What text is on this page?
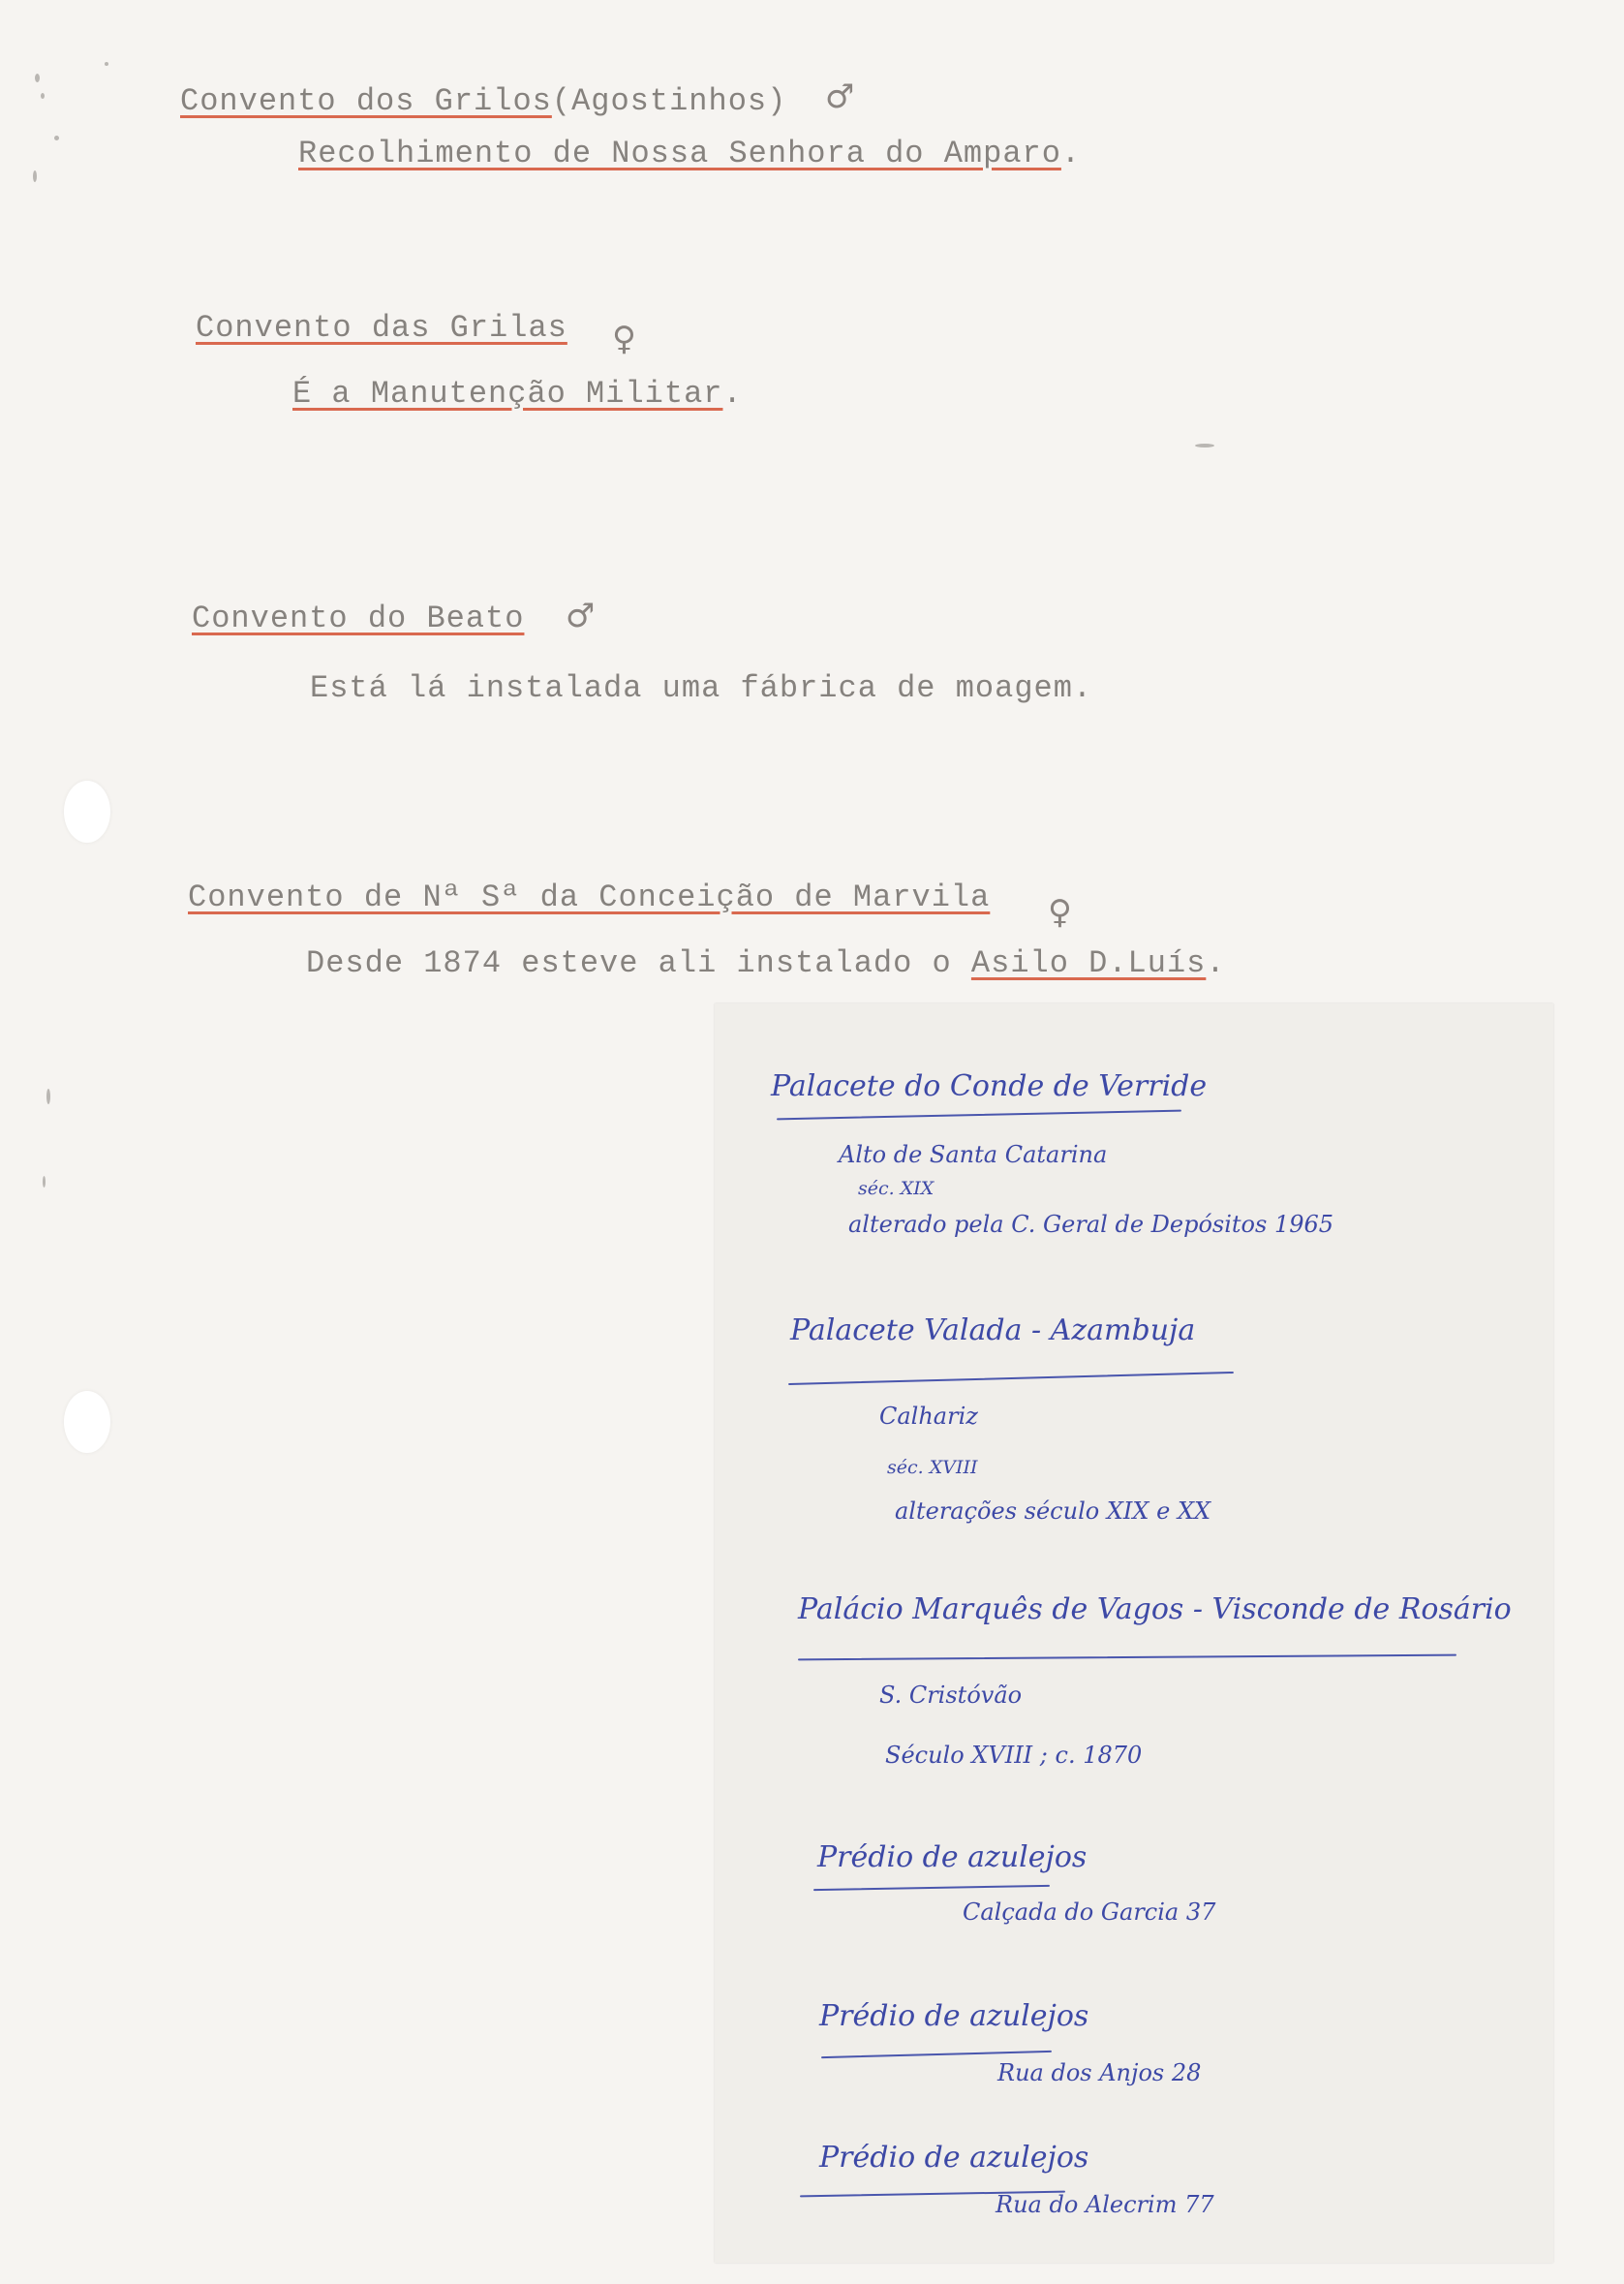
Convento dos Grilos(Agostinhos) ♂
Recolhimento de Nossa Senhora do Amparo.
Convento das Grilas ♀
É a Manutenção Militar.
Convento do Beato ♂
Está lá instalada uma fábrica de moagem.
Convento de Nª Sª da Conceição de Marvila ♀
Desde 1874 esteve ali instalado o Asilo D.Luís.
Palacete do Conde de Verride
Alto de Santa Catarina
séc. XIX
alterado pela C. Geral de Depósitos 1965
Palacete Valada - Azambuja
Calhariz
séc. XVIII
alterações século XIX e XX
Palácio Marquês de Vagos - Visconde de Rosário
S. Cristóvão
Século XVIII ; c. 1870
Prédio de azulejos
Calçada do Garcia 37
Prédio de azulejos
Rua dos Anjos 28
Prédio de azulejos
Rua do Alecrim 77
